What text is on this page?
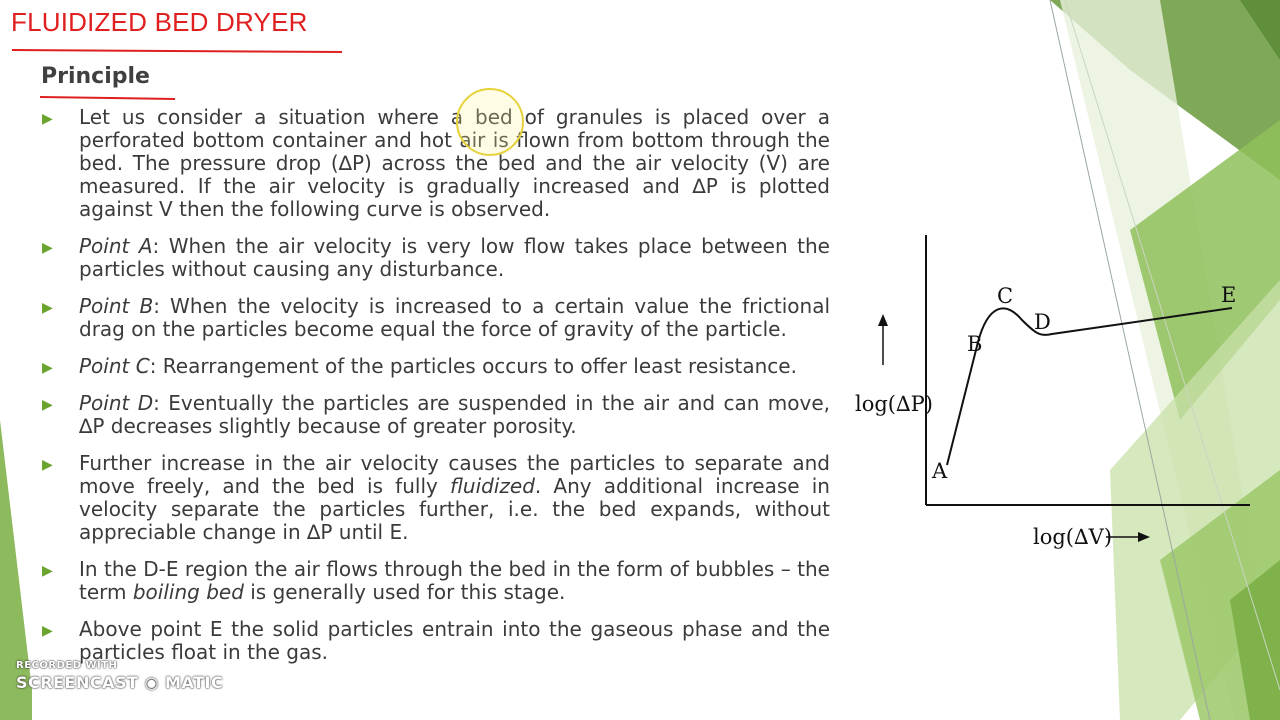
FLUIDIZED BED DRYER
Principle
▶ Let us consider a situation where a bed of granules is placed over a perforated bottom container and hot air is flown from bottom through the bed. The pressure drop (∆P) across the bed and the air velocity (V) are measured. If the air velocity is gradually increased and ∆P is plotted against V then the following curve is observed.
▶ Point A: When the air velocity is very low flow takes place between the particles without causing any disturbance.
▶ Point B: When the velocity is increased to a certain value the frictional drag on the particles become equal the force of gravity of the particle.
▶ Point C: Rearrangement of the particles occurs to offer least resistance.
▶ Point D: Eventually the particles are suspended in the air and can move, ∆P decreases slightly because of greater porosity.
▶ Further increase in the air velocity causes the particles to separate and move freely, and the bed is fully fluidized. Any additional increase in velocity separate the particles further, i.e. the bed expands, without appreciable change in ∆P until E.
▶ In the D-E region the air flows through the bed in the form of bubbles – the term boiling bed is generally used for this stage.
▶ Above point E the solid particles entrain into the gaseous phase and the particles float in the gas.
log(∆P)
log(∆V)
A
B
C
D
E
RECORDED WITH
SCREENCAST ◉ MATIC
